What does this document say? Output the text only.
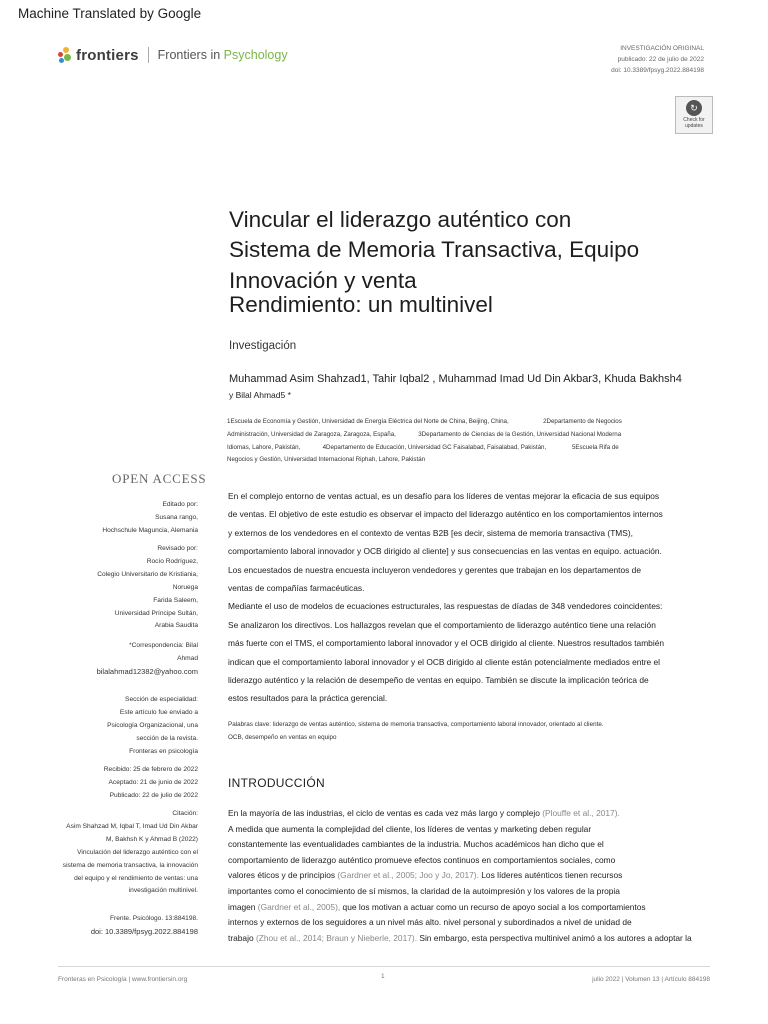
Machine Translated by Google
frontiers Frontiers in Psychology	INVESTIGACIÓN ORIGINAL
publicado: 22 de julio de 2022
doi: 10.3389/fpsyg.2022.884198
↻
Check for
updates
Vincular el liderazgo auténtico con
Sistema de Memoria Transactiva, Equipo
Innovación y venta
Rendimiento: un multinivel
Investigación
Muhammad Asim Shahzad1, Tahir Iqbal2 , Muhammad Imad Ud Din Akbar3, Khuda Bakhsh4
y Bilal Ahmad5 *
1Escuela de Economía y Gestión, Universidad de Energía Eléctrica del Norte de China, Beijing, China,                    2Departamento de Negocios
Administración, Universidad de Zaragoza, Zaragoza, España,             3Departamento de Ciencias de la Gestión, Universidad Nacional Moderna
Idiomas, Lahore, Pakistán,             4Departamento de Educación, Universidad GC Faisalabad, Faisalabad, Pakistán,               5Escuela Rifa de
Negocios y Gestión, Universidad Internacional Riphah, Lahore, Pakistán
OPEN ACCESS
Editado por:
Susana rango,
Hochschule Maguncia, Alemania
Revisado por:
Rocío Rodríguez,
Colegio Universitario de Kristiania,
Noruega
Farida Saleem,
Universidad Príncipe Sultán,
Arabia Saudita
*Correspondencia: Bilal
Ahmad
bilalahmad12382@yahoo.com
Sección de especialidad:
Este artículo fue enviado a
Psicología Organizacional, una
sección de la revista.
Fronteras en psicología
Recibido: 25 de febrero de 2022
Aceptado: 21 de junio de 2022
Publicado: 22 de julio de 2022
Citación:
Asim Shahzad M, Iqbal T, Imad Ud Din Akbar
M, Bakhsh K y Ahmad B (2022)
Vinculación del liderazgo auténtico con el
sistema de memoria transactiva, la innovación
del equipo y el rendimiento de ventas: una
investigación multinivel.
Frente. Psicólogo. 13:884198.
doi: 10.3389/fpsyg.2022.884198
En el complejo entorno de ventas actual, es un desafío para los líderes de ventas mejorar la eficacia de sus equipos
de ventas. El objetivo de este estudio es observar el impacto del liderazgo auténtico en los comportamientos internos
y externos de los vendedores en el contexto de ventas B2B [es decir, sistema de memoria transactiva (TMS),
comportamiento laboral innovador y OCB dirigido al cliente] y sus consecuencias en las ventas en equipo. actuación.
Los encuestados de nuestra encuesta incluyeron vendedores y gerentes que trabajan en los departamentos de
ventas de compañías farmacéuticas.
Mediante el uso de modelos de ecuaciones estructurales, las respuestas de díadas de 348 vendedores coincidentes:
Se analizaron los directivos. Los hallazgos revelan que el comportamiento de liderazgo auténtico tiene una relación
más fuerte con el TMS, el comportamiento laboral innovador y el OCB dirigido al cliente. Nuestros resultados también
indican que el comportamiento laboral innovador y el OCB dirigido al cliente están potencialmente mediados entre el
liderazgo auténtico y la relación de desempeño de ventas en equipo. También se discute la implicación teórica de
estos resultados para la práctica gerencial.
Palabras clave: liderazgo de ventas auténtico, sistema de memoria transactiva, comportamiento laboral innovador, orientado al cliente.
OCB, desempeño en ventas en equipo
INTRODUCCIÓN
En la mayoría de las industrias, el ciclo de ventas es cada vez más largo y complejo (Plouffe et al., 2017).
A medida que aumenta la complejidad del cliente, los líderes de ventas y marketing deben regular
constantemente las eventualidades cambiantes de la industria. Muchos académicos han dicho que el
comportamiento de liderazgo auténtico promueve efectos continuos en comportamientos sociales, como
valores éticos y de principios (Gardner et al., 2005; Joo y Jo, 2017). Los líderes auténticos tienen recursos
importantes como el conocimiento de sí mismos, la claridad de la autoimpresión y los valores de la propia
imagen (Gardner et al., 2005), que los motivan a actuar como un recurso de apoyo social a los comportamientos
internos y externos de los seguidores a un nivel más alto. nivel personal y subordinados a nivel de unidad de
trabajo (Zhou et al., 2014; Braun y Nieberle, 2017). Sin embargo, esta perspectiva multinivel animó a los autores a adoptar la
Fronteras en Psicología | www.frontiersin.org	1	julio 2022 | Volumen 13 | Artículo 884198
